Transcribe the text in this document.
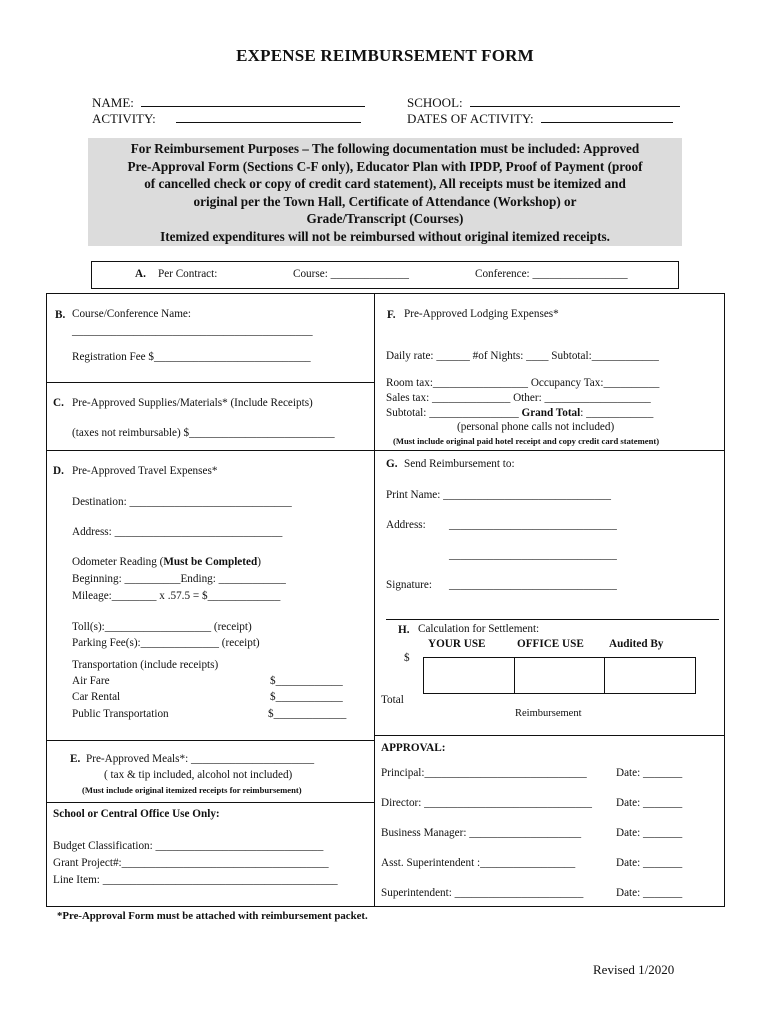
EXPENSE REIMBURSEMENT FORM
NAME:
ACTIVITY:
SCHOOL:
DATES OF ACTIVITY:
For Reimbursement Purposes – The following documentation must be included: Approved
Pre-Approval Form (Sections C-F only), Educator Plan with IPDP, Proof of Payment (proof
of cancelled check or copy of credit card statement), All receipts must be itemized and
original per the Town Hall, Certificate of Attendance (Workshop) or
Grade/Transcript (Courses)
Itemized expenditures will not be reimbursed without original itemized receipts.
A. Per Contract:	Course: ______________	Conference: _________________
B. Course/Conference Name:
___________________________________________
Registration Fee $____________________________
C. Pre-Approved Supplies/Materials* (Include Receipts)
(taxes not reimbursable) $__________________________
D. Pre-Approved Travel Expenses*
Destination: _____________________________
Address: ______________________________
Odometer Reading (Must be Completed)
Beginning: __________Ending: ____________
Mileage:________ x .57.5 = $_____________
Toll(s):___________________ (receipt)
Parking Fee(s):______________ (receipt)
Transportation (include receipts)
Air Fare	$____________
Car Rental	$____________
Public Transportation	$_____________
E. Pre-Approved Meals*: ______________________
( tax & tip included, alcohol not included)
(Must include original itemized receipts for reimbursement)
School or Central Office Use Only:
Budget Classification: ______________________________
Grant Project#:_____________________________________
Line Item: __________________________________________
F. Pre-Approved Lodging Expenses*
Daily rate: ______ #of Nights: ____ Subtotal:____________
Room tax:_________________ Occupancy Tax:__________
Sales tax: ______________ Other: ___________________
Subtotal: ________________ Grand Total: ____________
(personal phone calls not included)
(Must include original paid hotel receipt and copy credit card statement)
G. Send Reimbursement to:
Print Name: ______________________________
Address: ______________________________
______________________________
Signature: ______________________________
H. Calculation for Settlement:
YOUR USE	OFFICE USE Audited By
$
Total
Reimbursement
APPROVAL:
Principal:_____________________________	Date: _______
Director: ______________________________ Date: _______
Business Manager: ____________________	Date: _______
Asst. Superintendent :_________________	Date: _______
Superintendent: _______________________	Date: _______
*Pre-Approval Form must be attached with reimbursement packet.
Revised 1/2020
